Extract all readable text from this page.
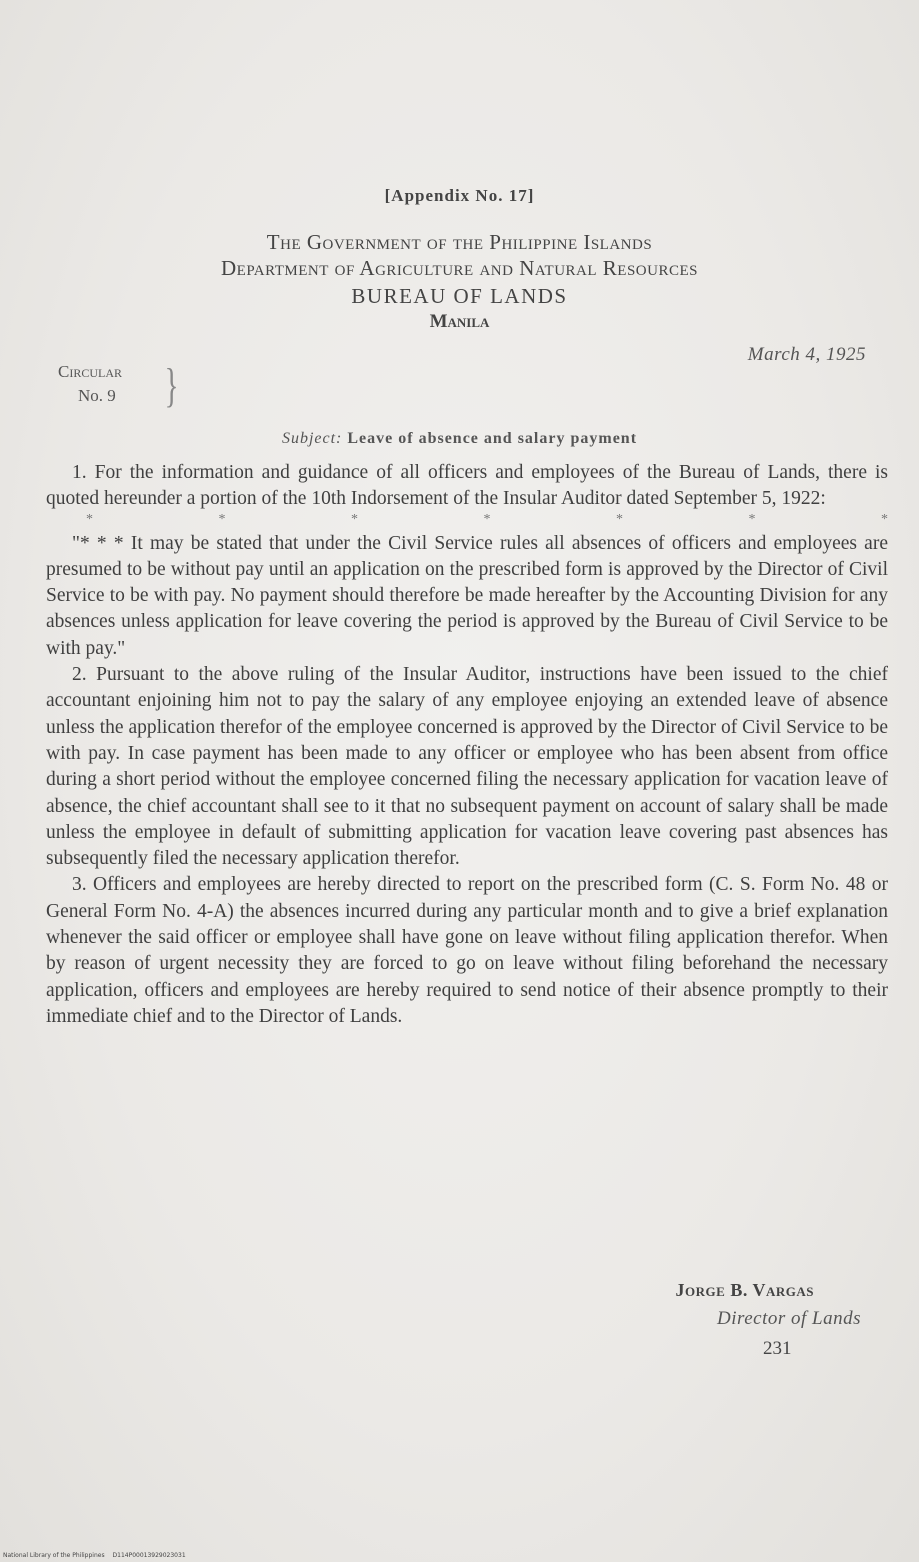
[Appendix No. 17]
The Government of the Philippine Islands
Department of Agriculture and Natural Resources
BUREAU OF LANDS
Manila
March 4, 1925
Circular
No. 9 }
Subject: Leave of absence and salary payment

1. For the information and guidance of all officers and employees of the Bureau of Lands, there is quoted hereunder a portion of the 10th Indorsement of the Insular Auditor dated September 5, 1922:

*	*	*	*	*	*	*

"* * * It may be stated that under the Civil Service rules all absences of officers and employees are presumed to be without pay until an application on the prescribed form is approved by the Director of Civil Service to be with pay. No payment should therefore be made hereafter by the Accounting Division for any absences unless application for leave covering the period is approved by the Bureau of Civil Service to be with pay."

2. Pursuant to the above ruling of the Insular Auditor, instructions have been issued to the chief accountant enjoining him not to pay the salary of any employee enjoying an extended leave of absence unless the application therefor of the employee concerned is approved by the Director of Civil Service to be with pay. In case payment has been made to any officer or employee who has been absent from office during a short period without the employee concerned filing the necessary application for vacation leave of absence, the chief accountant shall see to it that no subsequent payment on account of salary shall be made unless the employee in default of submitting application for vacation leave covering past absences has subsequently filed the necessary application therefor.

3. Officers and employees are hereby directed to report on the prescribed form (C. S. Form No. 48 or General Form No. 4-A) the absences incurred during any particular month and to give a brief explanation whenever the said officer or employee shall have gone on leave without filing application therefor. When by reason of urgent necessity they are forced to go on leave without filing beforehand the necessary application, officers and employees are hereby required to send notice of their absence promptly to their immediate chief and to the Director of Lands.

Jorge B. Vargas
Director of Lands
231
National Library of the Philippines D114P00013929023031
